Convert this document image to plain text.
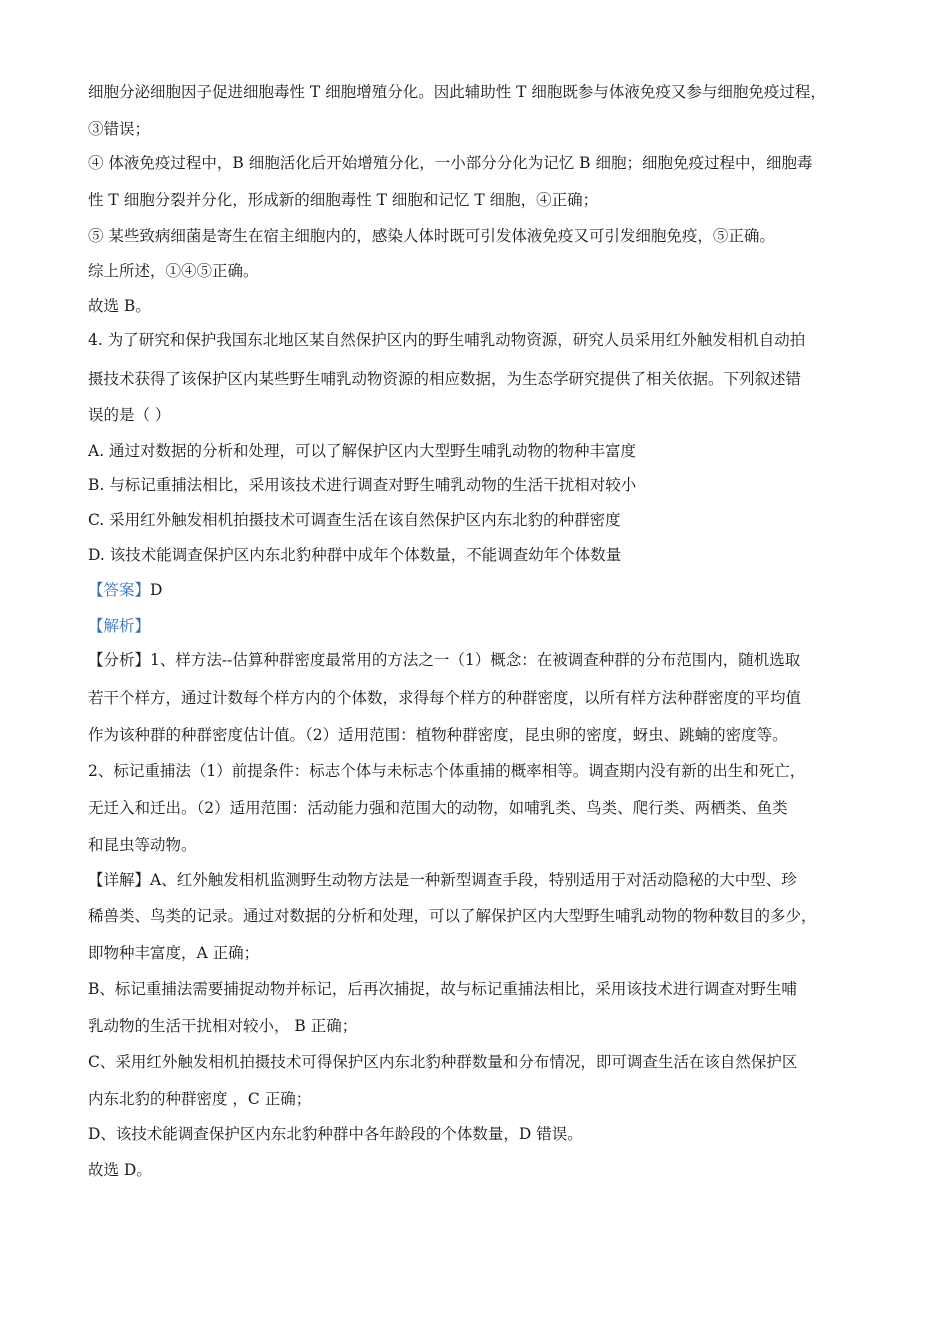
细胞分泌细胞因子促进细胞毒性 T 细胞增殖分化。因此辅助性 T 细胞既参与体液免疫又参与细胞免疫过程，
③错误；
④ 体液免疫过程中，B 细胞活化后开始增殖分化，一小部分分化为记忆 B 细胞；细胞免疫过程中，细胞毒
性 T 细胞分裂并分化，形成新的细胞毒性 T 细胞和记忆 T 细胞，④正确；
⑤ 某些致病细菌是寄生在宿主细胞内的，感染人体时既可引发体液免疫又可引发细胞免疫，⑤正确。
综上所述，①④⑤正确。
故选 B。
4. 为了研究和保护我国东北地区某自然保护区内的野生哺乳动物资源，研究人员采用红外触发相机自动拍
摄技术获得了该保护区内某些野生哺乳动物资源的相应数据，为生态学研究提供了相关依据。下列叙述错
误的是（ ）
A. 通过对数据的分析和处理，可以了解保护区内大型野生哺乳动物的物种丰富度
B. 与标记重捕法相比，采用该技术进行调查对野生哺乳动物的生活干扰相对较小
C. 采用红外触发相机拍摄技术可调查生活在该自然保护区内东北豹的种群密度
D. 该技术能调查保护区内东北豹种群中成年个体数量，不能调查幼年个体数量
【答案】D
【解析】
【分析】1、样方法--估算种群密度最常用的方法之一（1）概念：在被调查种群的分布范围内，随机选取
若干个样方，通过计数每个样方内的个体数，求得每个样方的种群密度，以所有样方法种群密度的平均值
作为该种群的种群密度估计值。（2）适用范围：植物种群密度，昆虫卵的密度，蚜虫、跳蝻的密度等。
2、标记重捕法（1）前提条件：标志个体与未标志个体重捕的概率相等。调查期内没有新的出生和死亡，
无迁入和迁出。（2）适用范围：活动能力强和范围大的动物，如哺乳类、鸟类、爬行类、两栖类、鱼类
和昆虫等动物。
【详解】A、红外触发相机监测野生动物方法是一种新型调查手段，特别适用于对活动隐秘的大中型、珍
稀兽类、鸟类的记录。通过对数据的分析和处理，可以了解保护区内大型野生哺乳动物的物种数目的多少，
即物种丰富度，A 正确；
B、标记重捕法需要捕捉动物并标记，后再次捕捉，故与标记重捕法相比，采用该技术进行调查对野生哺
乳动物的生活干扰相对较小， B 正确；
C、采用红外触发相机拍摄技术可得保护区内东北豹种群数量和分布情况，即可调查生活在该自然保护区
内东北豹的种群密度 ，C 正确；
D、该技术能调查保护区内东北豹种群中各年龄段的个体数量，D 错误。
故选 D。
